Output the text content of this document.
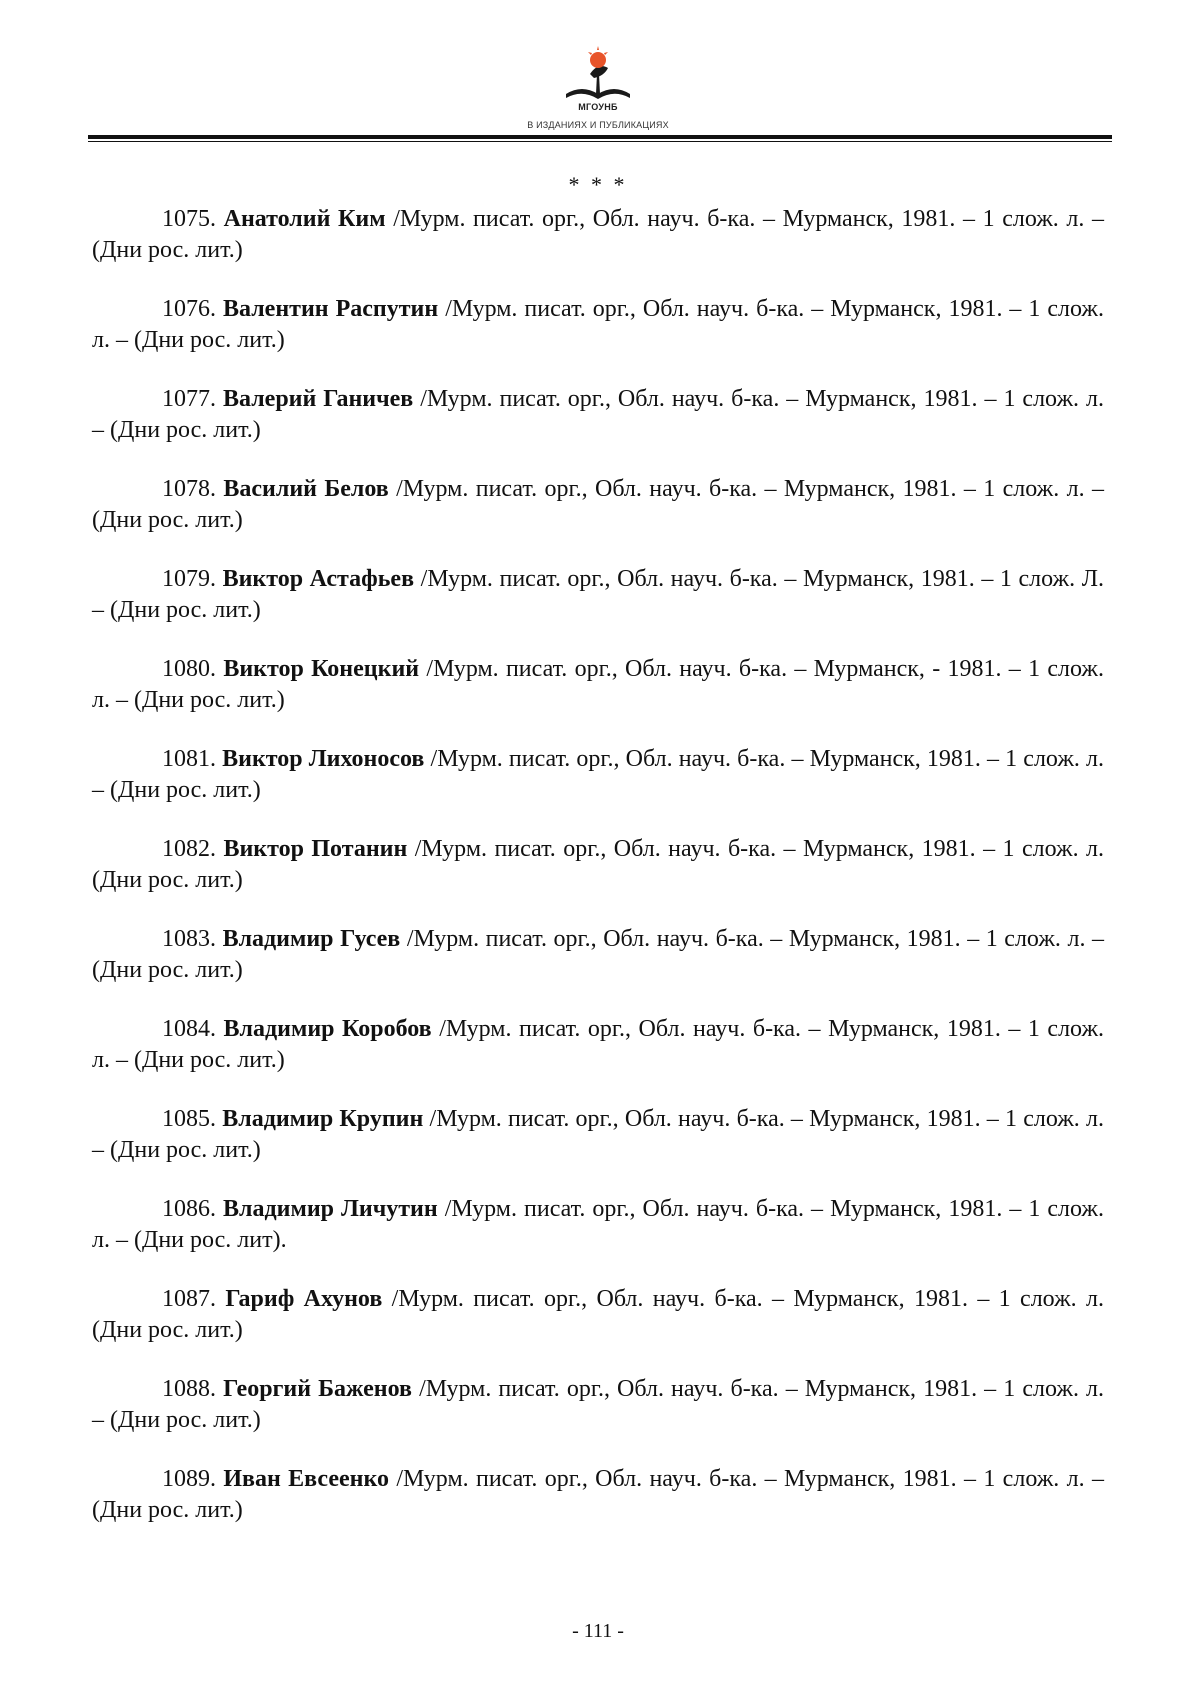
МГОУНБ
В ИЗДАНИЯХ И ПУБЛИКАЦИЯХ
* * *

1075. Анатолий Ким /Мурм. писат. орг., Обл. науч. б-ка. – Мурманск, 1981. – 1 слож. л. – (Дни рос. лит.)

1076. Валентин Распутин /Мурм. писат. орг., Обл. науч. б-ка. – Мурманск, 1981. – 1 слож. л. – (Дни рос. лит.)

1077. Валерий Ганичев /Мурм. писат. орг., Обл. науч. б-ка. – Мурманск, 1981. – 1 слож. л. – (Дни рос. лит.)

1078. Василий Белов /Мурм. писат. орг., Обл. науч. б-ка. – Мурманск, 1981. – 1 слож. л. – (Дни рос. лит.)

1079. Виктор Астафьев /Мурм. писат. орг., Обл. науч. б-ка. – Мурманск, 1981. – 1 слож. Л. – (Дни рос. лит.)

1080. Виктор Конецкий /Мурм. писат. орг., Обл. науч. б-ка. – Мурманск, - 1981. – 1 слож. л. – (Дни рос. лит.)

1081. Виктор Лихоносов /Мурм. писат. орг., Обл. науч. б-ка. – Мурманск, 1981. – 1 слож. л. – (Дни рос. лит.)

1082. Виктор Потанин /Мурм. писат. орг., Обл. науч. б-ка. – Мурманск, 1981. – 1 слож. л. (Дни рос. лит.)

1083. Владимир Гусев /Мурм. писат. орг., Обл. науч. б-ка. – Мурманск, 1981. – 1 слож. л. – (Дни рос. лит.)

1084. Владимир Коробов /Мурм. писат. орг., Обл. науч. б-ка. – Мурманск, 1981. – 1 слож. л. – (Дни рос. лит.)

1085. Владимир Крупин /Мурм. писат. орг., Обл. науч. б-ка. – Мурманск, 1981. – 1 слож. л. – (Дни рос. лит.)

1086. Владимир Личутин /Мурм. писат. орг., Обл. науч. б-ка. – Мурманск, 1981. – 1 слож. л. – (Дни рос. лит).

1087. Гариф Ахунов /Мурм. писат. орг., Обл. науч. б-ка. – Мурманск, 1981. – 1 слож. л. (Дни рос. лит.)

1088. Георгий Баженов /Мурм. писат. орг., Обл. науч. б-ка. – Мурманск, 1981. – 1 слож. л. – (Дни рос. лит.)

1089. Иван Евсеенко /Мурм. писат. орг., Обл. науч. б-ка. – Мурманск, 1981. – 1 слож. л. – (Дни рос. лит.)

- 111 -
